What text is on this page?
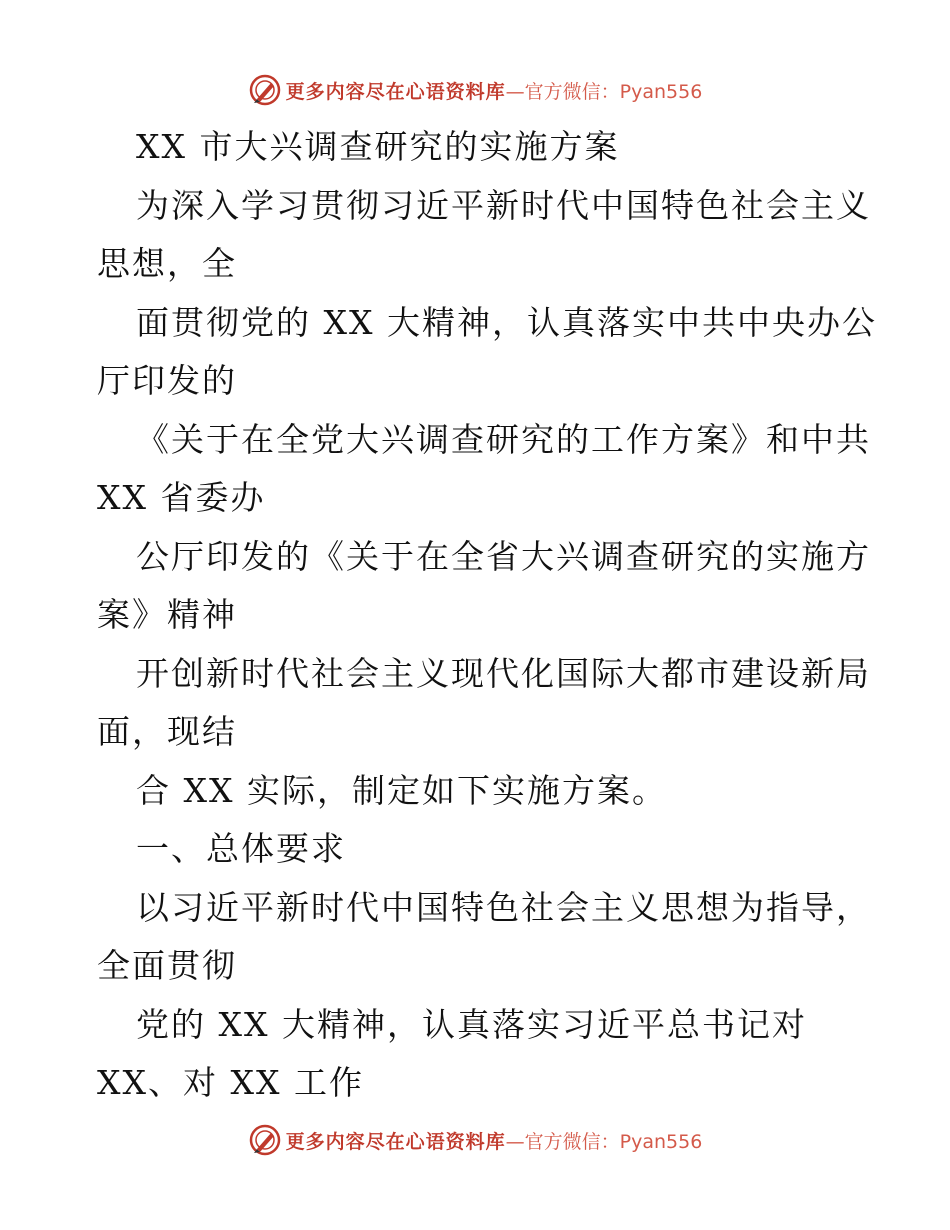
更多内容尽在心语资料库 —官方微信：Pyan556
XX 市大兴调查研究的实施方案
为深入学习贯彻习近平新时代中国特色社会主义
思想，全
面贯彻党的 XX 大精神，认真落实中共中央办公
厅印发的
《关于在全党大兴调查研究的工作方案》和中共
XX 省委办
公厅印发的《关于在全省大兴调查研究的实施方
案》精神
开创新时代社会主义现代化国际大都市建设新局
面，现结
合 XX 实际，制定如下实施方案。
一、总体要求
以习近平新时代中国特色社会主义思想为指导，
全面贯彻
党的 XX 大精神，认真落实习近平总书记对
XX、对 XX 工作
更多内容尽在心语资料库 —官方微信：Pyan556
